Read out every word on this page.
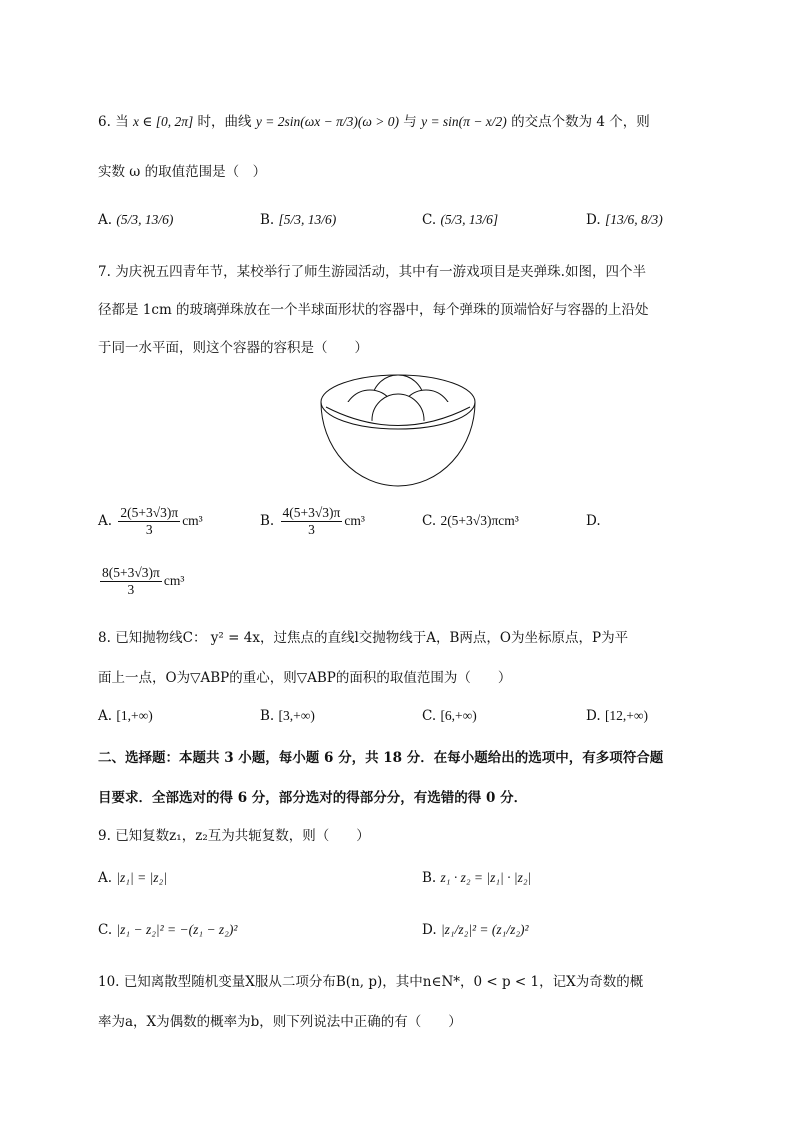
6. 当 x ∈ [0, 2π] 时，曲线 y = 2sin(ωx − π/3)(ω > 0) 与 y = sin(π − x/2) 的交点个数为 4 个，则
实数 ω 的取值范围是（　）
A. (5/3, 13/6)	B. [5/3, 13/6)	C. (5/3, 13/6]	D. [13/6, 8/3)
7. 为庆祝五四青年节，某校举行了师生游园活动，其中有一游戏项目是夹弹珠.如图，四个半
径都是 1cm 的玻璃弹珠放在一个半球面形状的容器中，每个弹珠的顶端恰好与容器的上沿处
于同一水平面，则这个容器的容积是（　　）
A. $\frac{2(5+3√3)\pi}{3} cm^3$	B. $\frac{4(5+3√3)\pi}{3} cm^3$	C. 2(5+3√3)πcm³	D.
$\frac{8(5+3√3)\pi}{3} cm^3$
8. 已知抛物线C： y² = 4x，过焦点的直线l交抛物线于A，B两点，O为坐标原点，P为平
面上一点，O为▽ABP的重心，则▽ABP的面积的取值范围为（　　）
A. [1,+∞)	B. [3,+∞)	C. [6,+∞)	D. [12,+∞)
二、选择题：本题共 3 小题，每小题 6 分，共 18 分．在每小题给出的选项中，有多项符合题
目要求．全部选对的得 6 分，部分选对的得部分分，有选错的得 0 分．
9. 已知复数z₁，z₂互为共轭复数，则（　　）
A. |z₁| = |z₂|	B. z₁ · z₂ = |z₁| · |z₂|
C. |z₁ − z₂|² = −(z₁ − z₂)²	D. |z₁/z₂|² = (z₁/z₂)²
10. 已知离散型随机变量X服从二项分布B(n, p)，其中n∈N*，0 < p < 1，记X为奇数的概
率为a，X为偶数的概率为b，则下列说法中正确的有（　　）
